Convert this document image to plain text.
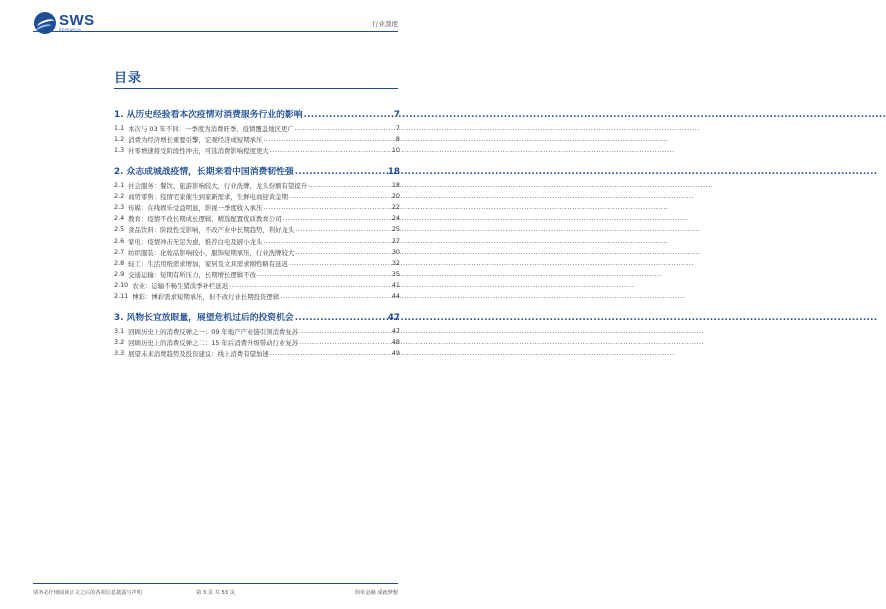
SWS
RESEARCH
行业深度
目录
1. 从历史经验看本次疫情对消费服务行业的影响 .....	7
1.1 本次与 03 年不同：一季度为消费旺季，疫情覆盖地区更广 .....	7
1.2 消费为经济增长重要引擎，宏观经济或短期承压 .....	8
1.3 社零增速将受阶段性冲击，可选消费影响程度更大 .....	10
2. 众志成城战疫情，长期来看中国消费韧性强 .....	18
2.1 社会服务：餐饮、旅游影响较大，行业洗牌，龙头份额有望提升 .....	18
2.2 商贸零售：疫情宅家催生到家新需求，生鲜电商迎黄金期 .....	20
2.3 传媒：在线娱乐受益明显，影视一季度收入承压 .....	22
2.4 教育：疫情不改长期成长逻辑，精选配置优质教育公司 .....	24
2.5 食品饮料：阶段性受影响，不改产业中长期趋势，利好龙头 .....	25
2.6 家电：疫情冲击无足为虑，推荐白电及厨小龙头 .....	27
2.7 纺织服装：化妆品影响较小，服饰短期承压，行业洗牌较大 .....	30
2.8 轻工：生活用纸需求增加，家居及文具需求刚性略有延迟 .....	32
2.9 交通运输：短期有所压力，长期增长逻辑不改 .....	35
2.10 农业：运输不畅生猪淡季补栏延迟 .....	41
2.11 博彩：博彩需求短期承压，但不改行业长期投资逻辑 .....	44
3. 风物长宜放眼量，展望危机过后的投资机会 .....	47
3.1 回顾历史上的消费反弹之一：09 年地产产业链引领消费复苏 .....	47
3.2 回顾历史上的消费反弹之二：15 年后消费升级带动行业复苏 .....	48
3.3 展望未来消费趋势及投资建议：线上消费有望加速 .....	49
请务必仔细阅读正文之后的各项信息披露与声明	第 3 页 共 53 页	简单金融 成就梦想
